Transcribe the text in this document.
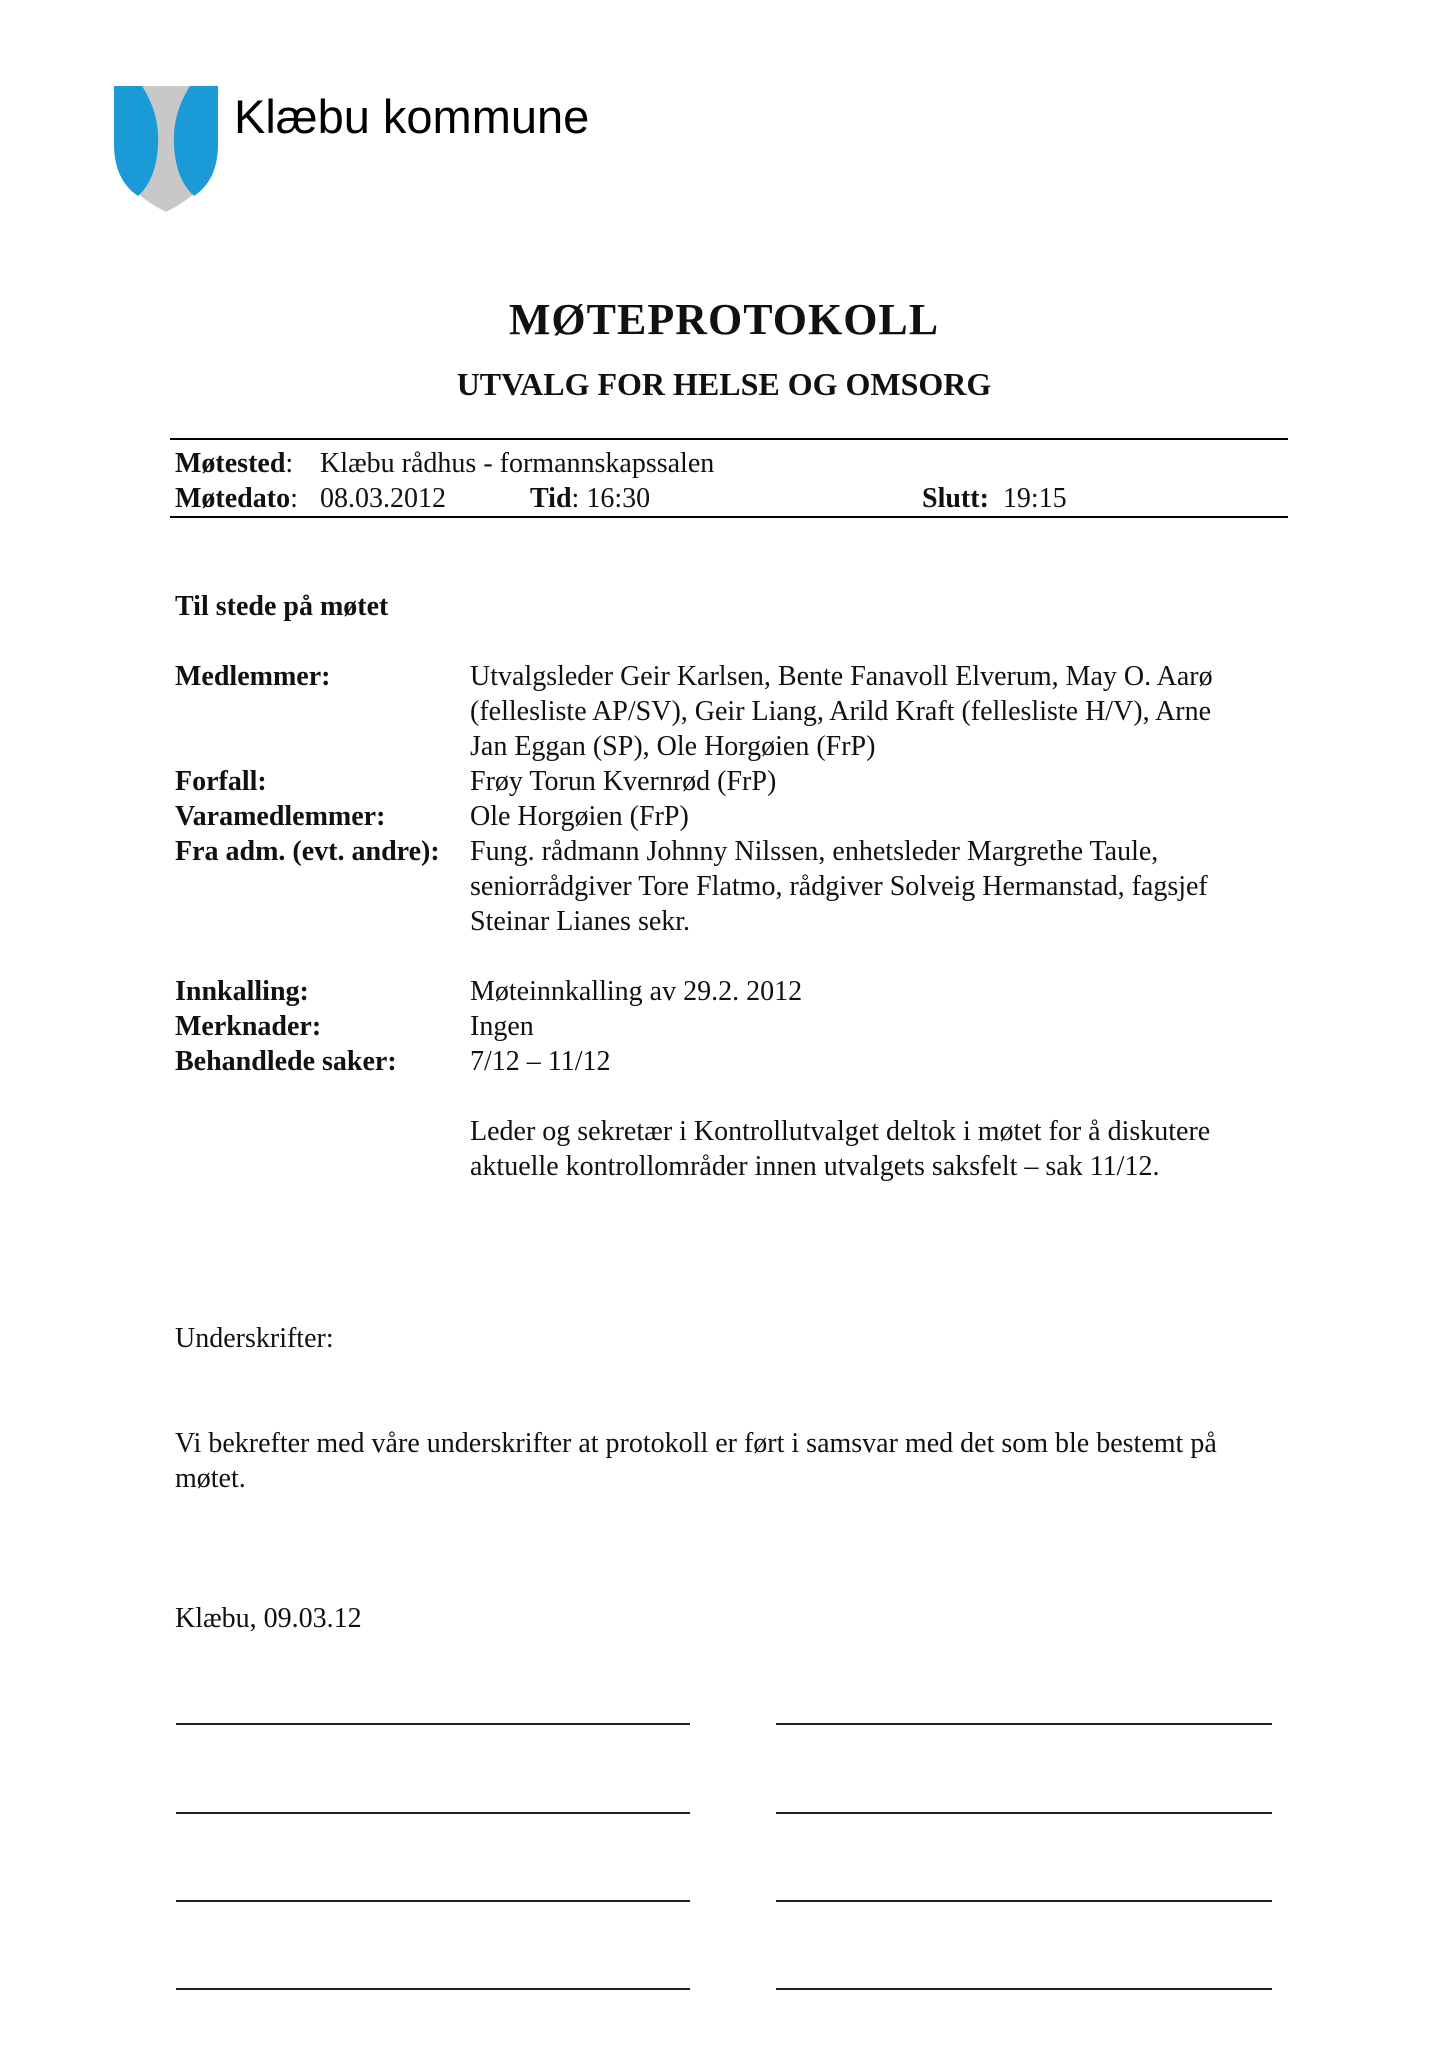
Klæbu kommune
MØTEPROTOKOLL
UTVALG FOR HELSE OG OMSORG
Møtested: Klæbu rådhus - formannskapssalen
Møtedato: 08.03.2012	Tid: 16:30	Slutt: 19:15
Til stede på møtet
Medlemmer:	Utvalgsleder Geir Karlsen, Bente Fanavoll Elverum, May O. Aarø
(fellesliste AP/SV), Geir Liang, Arild Kraft (fellesliste H/V), Arne
Jan Eggan (SP), Ole Horgøien (FrP)
Forfall:	Frøy Torun Kvernrød (FrP)
Varamedlemmer:	Ole Horgøien (FrP)
Fra adm. (evt. andre): Fung. rådmann Johnny Nilssen, enhetsleder Margrethe Taule,
seniorrådgiver Tore Flatmo, rådgiver Solveig Hermanstad, fagsjef
Steinar Lianes sekr.
Innkalling:	Møteinnkalling av 29.2. 2012
Merknader:	Ingen
Behandlede saker:	7/12 – 11/12
Leder og sekretær i Kontrollutvalget deltok i møtet for å diskutere
aktuelle kontrollområder innen utvalgets saksfelt – sak 11/12.
Underskrifter:
Vi bekrefter med våre underskrifter at protokoll er ført i samsvar med det som ble bestemt på
møtet.
Klæbu, 09.03.12
